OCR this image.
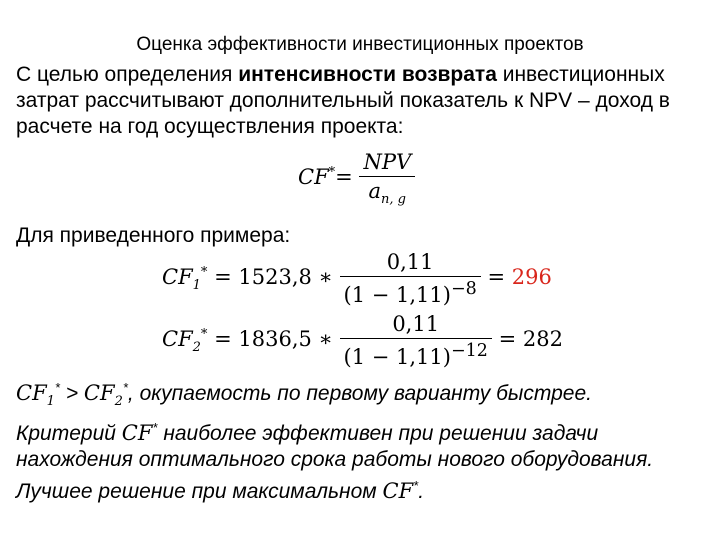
Оценка эффективности инвестиционных проектов
С целью определения интенсивности возврата инвестиционных затрат рассчитывают дополнительный показатель к NPV – доход в расчете на год осуществления проекта:
$CF^*= \frac{\text{NPV}}{a_{n, g}}$
Для приведенного примера:
$CF_1^* = 1523,8$ ∗ $\frac{0,11}{(1 - 1,11)^{-8}} = 296$
$CF_2^* = 1836,5$ ∗ $\frac{0,11}{(1 - 1,11)^{-12}} = 282$
$CF_1^* > CF_2^*$, окупаемость по первому варианту быстрее.
Критерий CF* наиболее эффективен при решении задачи нахождения оптимального срока работы нового оборудования. Лучшее решение при максимальном CF*.
